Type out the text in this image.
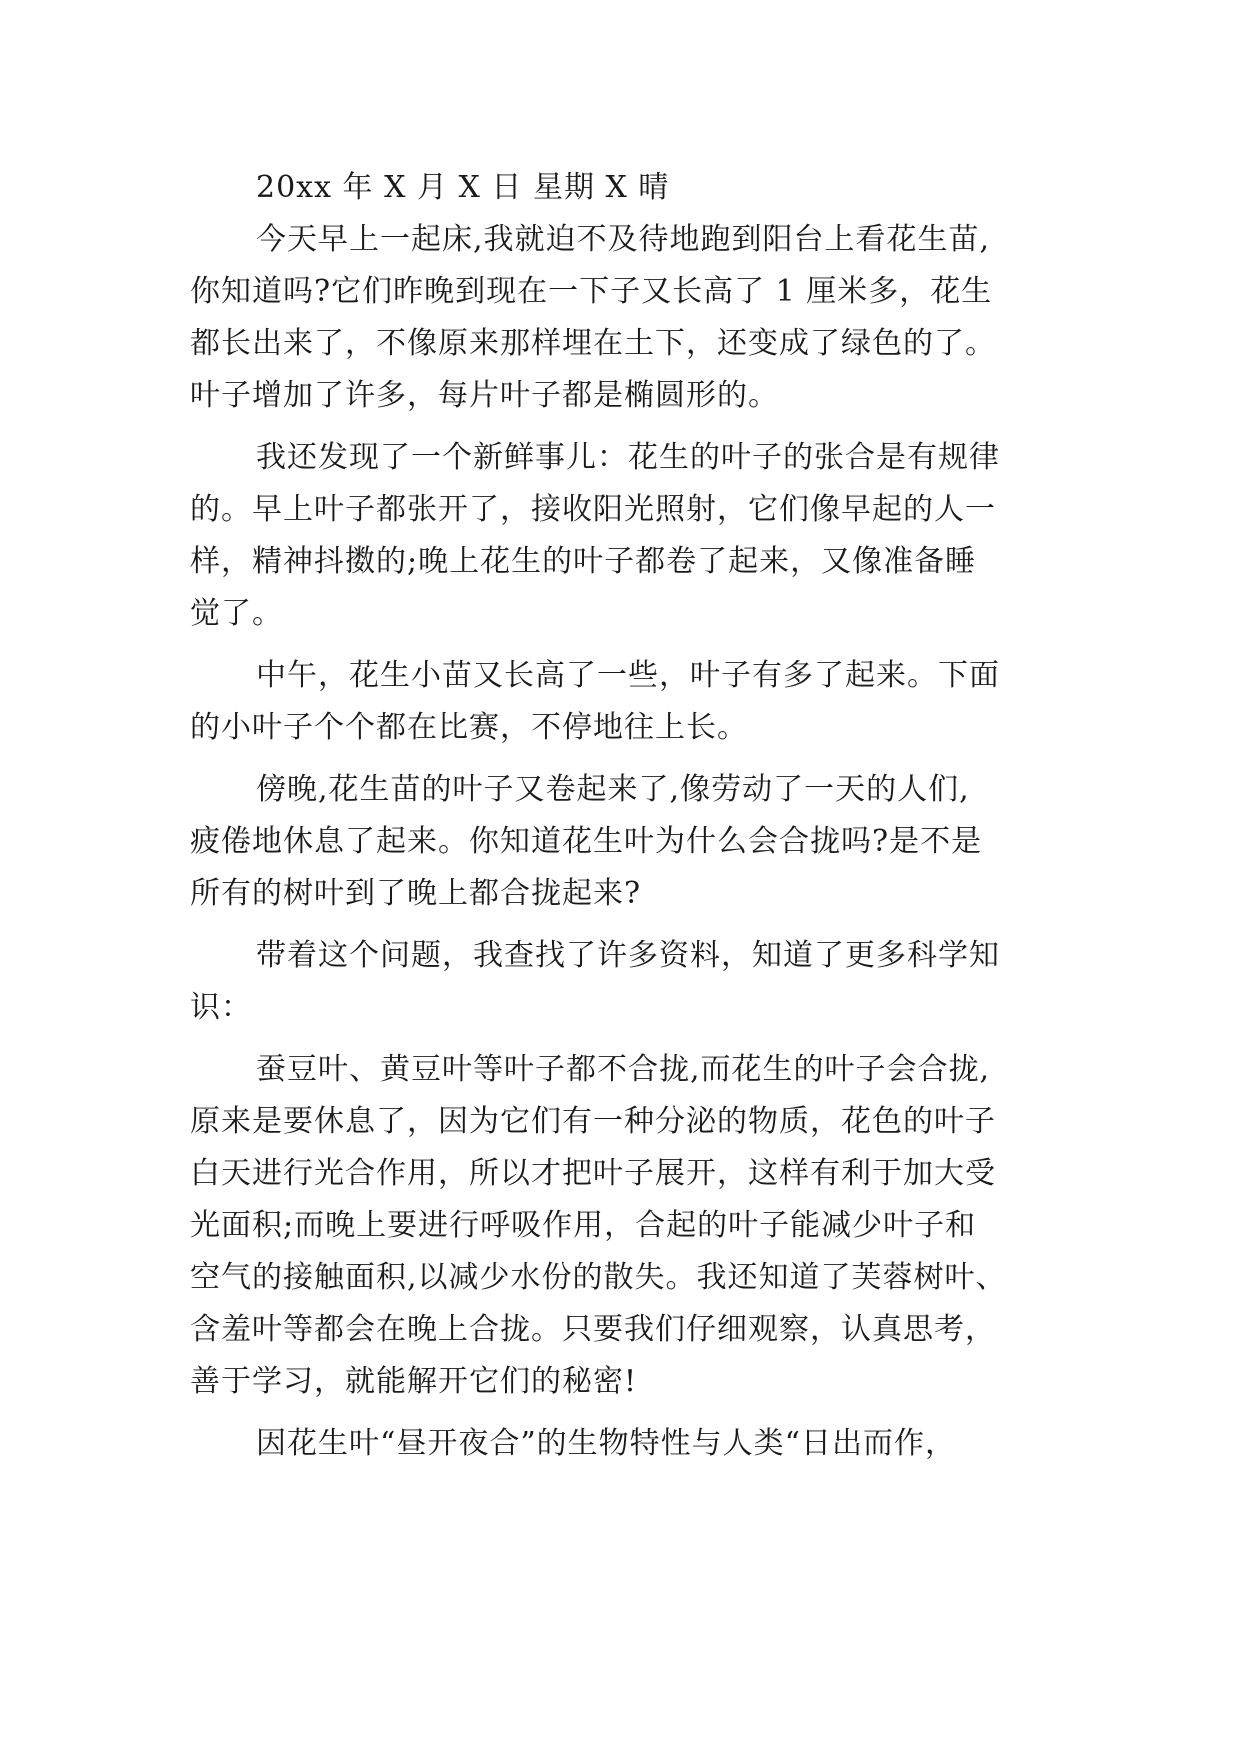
20xx 年 X 月 X 日 星期 X 晴
今天早上一起床,我就迫不及待地跑到阳台上看花生苗,
你知道吗?它们昨晚到现在一下子又长高了 1 厘米多，花生
都长出来了，不像原来那样埋在土下，还变成了绿色的了。
叶子增加了许多，每片叶子都是椭圆形的。
我还发现了一个新鲜事儿：花生的叶子的张合是有规律
的。早上叶子都张开了，接收阳光照射，它们像早起的人一
样，精神抖擞的;晚上花生的叶子都卷了起来，又像准备睡
觉了。
中午，花生小苗又长高了一些，叶子有多了起来。下面
的小叶子个个都在比赛，不停地往上长。
傍晚,花生苗的叶子又卷起来了,像劳动了一天的人们,
疲倦地休息了起来。你知道花生叶为什么会合拢吗?是不是
所有的树叶到了晚上都合拢起来?
带着这个问题，我查找了许多资料，知道了更多科学知
识：
蚕豆叶、黄豆叶等叶子都不合拢,而花生的叶子会合拢,
原来是要休息了，因为它们有一种分泌的物质，花色的叶子
白天进行光合作用，所以才把叶子展开，这样有利于加大受
光面积;而晚上要进行呼吸作用，合起的叶子能减少叶子和
空气的接触面积,以减少水份的散失。我还知道了芙蓉树叶、
含羞叶等都会在晚上合拢。只要我们仔细观察，认真思考，
善于学习，就能解开它们的秘密!
因花生叶“昼开夜合”的生物特性与人类“日出而作，
